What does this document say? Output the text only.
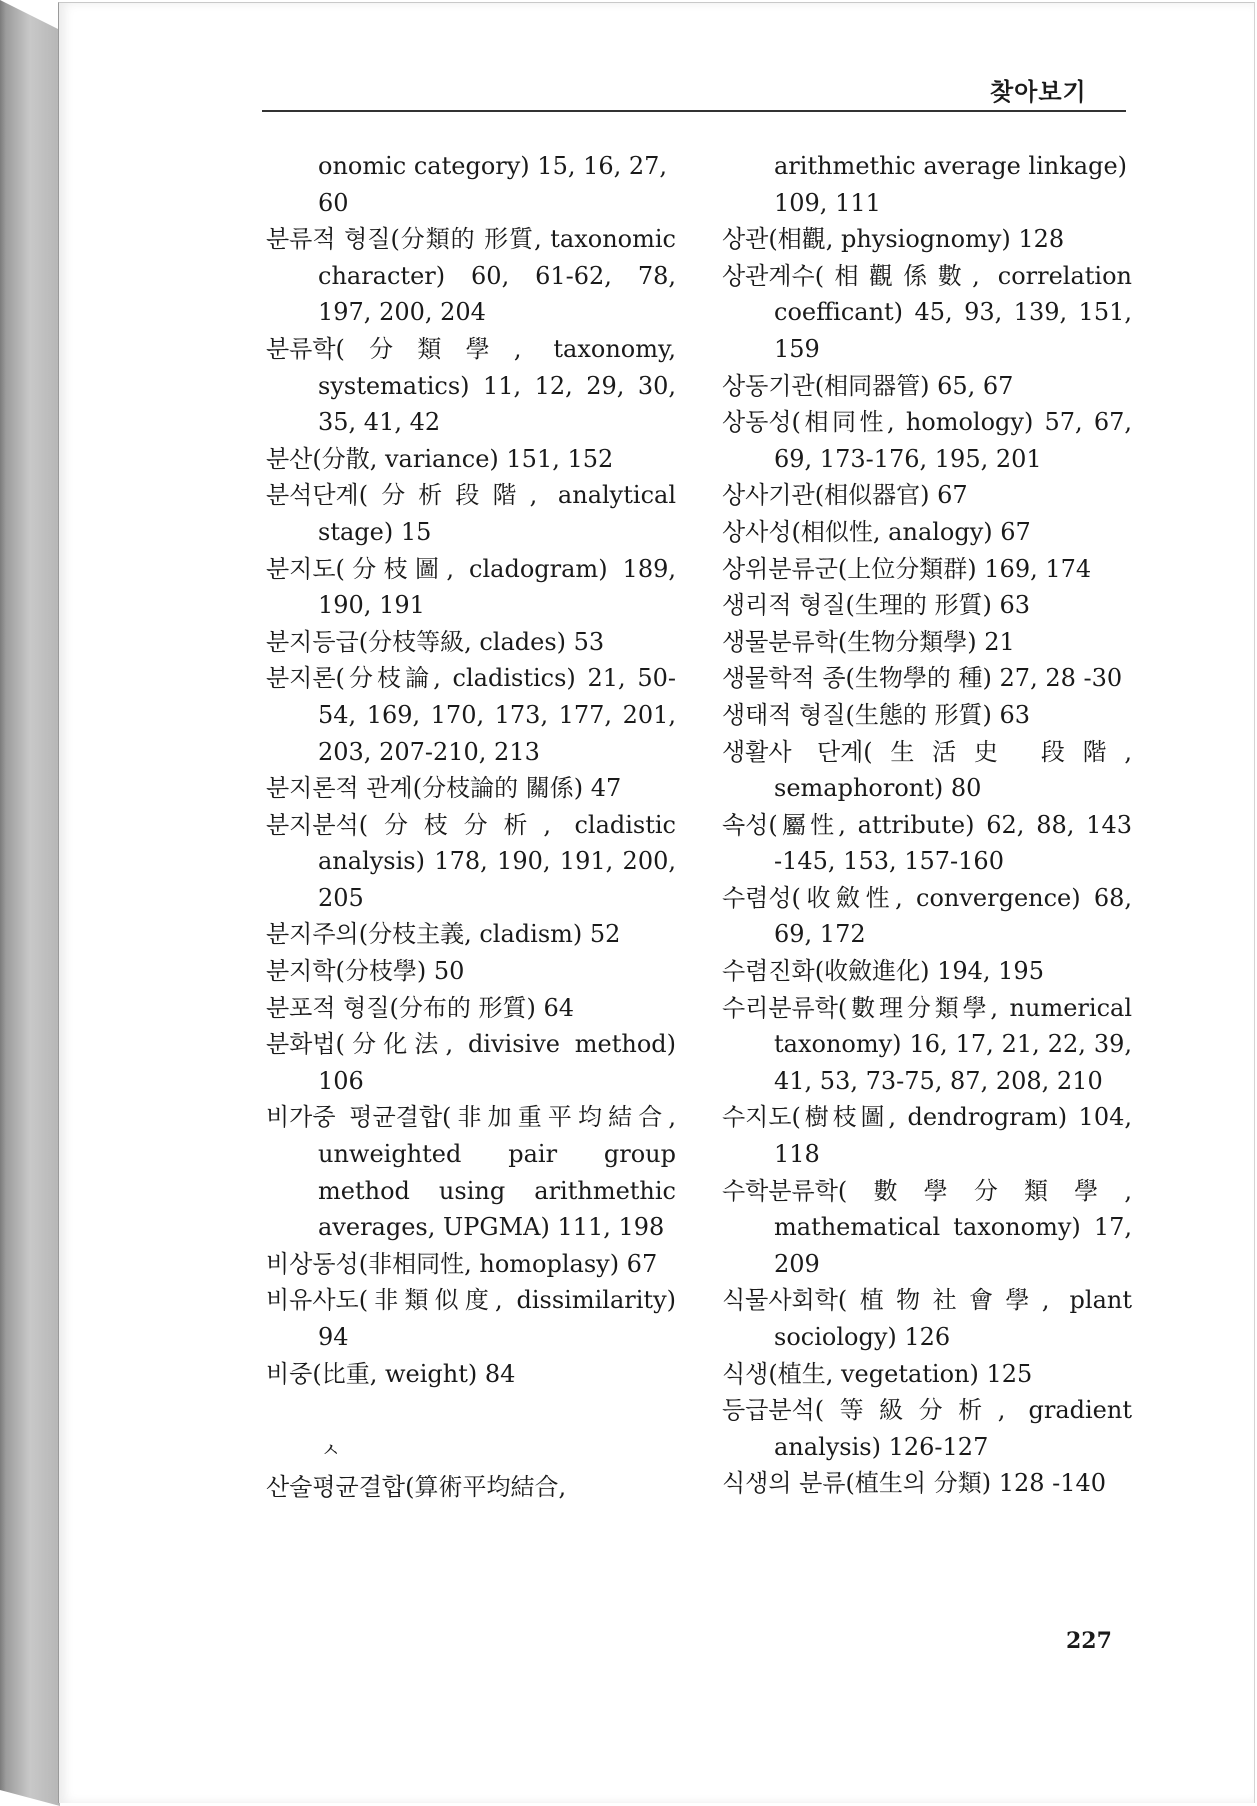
찾아보기

onomic category) 15, 16, 27, 60

분류적 형질(分類的 形質, taxonomic character) 60, 61-62, 78, 197, 200, 204

분류학(分類學, taxonomy, systematics) 11, 12, 29, 30, 35, 41, 42

분산(分散, variance) 151, 152

분석단계(分析段階, analytical stage) 15

분지도(分枝圖, cladogram) 189, 190, 191

분지등급(分枝等級, clades) 53

분지론(分枝論, cladistics) 21, 50-54, 169, 170, 173, 177, 201, 203, 207-210, 213

분지론적 관계(分枝論的 關係) 47

분지분석(分枝分析, cladistic analysis) 178, 190, 191, 200, 205

분지주의(分枝主義, cladism) 52

분지학(分枝學) 50

분포적 형질(分布的 形質) 64

분화법(分化法, divisive method) 106

비가중 평균결합(非加重平均結合, unweighted pair group method using arithmethic averages, UPGMA) 111, 198

비상동성(非相同性, homoplasy) 67

비유사도(非類似度, dissimilarity) 94

비중(比重, weight) 84

ㅅ

산술평균결합(算術平均結合,

arithmethic average linkage) 109, 111

상관(相觀, physiognomy) 128

상관계수(相觀係數, correlation coefficant) 45, 93, 139, 151, 159

상동기관(相同器管) 65, 67

상동성(相同性, homology) 57, 67, 69, 173-176, 195, 201

상사기관(相似器官) 67

상사성(相似性, analogy) 67

상위분류군(上位分類群) 169, 174

생리적 형질(生理的 形質) 63

생물분류학(生物分類學) 21

생물학적 종(生物學的 種) 27, 28 -30

생태적 형질(生態的 形質) 63

생활사 단계(生活史 段階, semaphoront) 80

속성(屬性, attribute) 62, 88, 143 -145, 153, 157-160

수렴성(收斂性, convergence) 68, 69, 172

수렴진화(收斂進化) 194, 195

수리분류학(數理分類學, numerical taxonomy) 16, 17, 21, 22, 39, 41, 53, 73-75, 87, 208, 210

수지도(樹枝圖, dendrogram) 104, 118

수학분류학(數學分類學, mathematical taxonomy) 17, 209

식물사회학(植物社會學, plant sociology) 126

식생(植生, vegetation) 125

등급분석(等級分析, gradient analysis) 126-127

식생의 분류(植生의 分類) 128 -140

227
